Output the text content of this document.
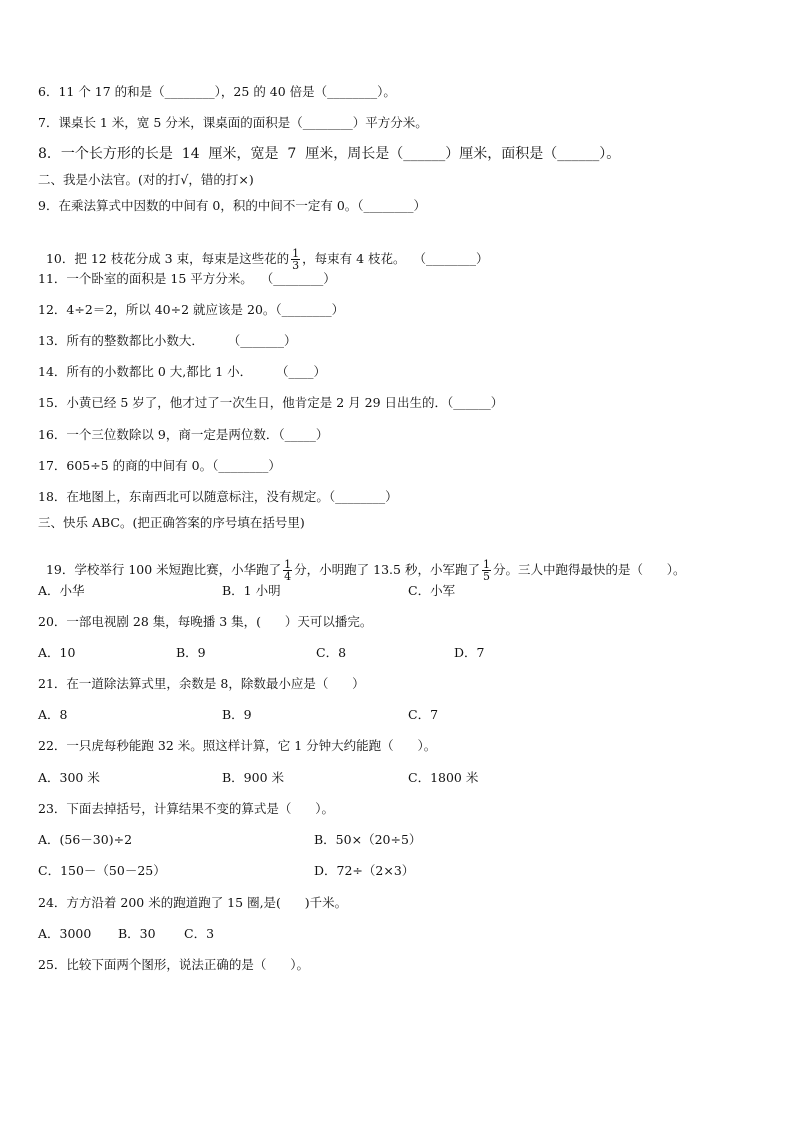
6．11 个 17 的和是（________），25 的 40 倍是（________）。
7．课桌长 1 米，宽 5 分米，课桌面的面积是（________）平方分米。
8．一个长方形的长是  14  厘米，宽是  7  厘米，周长是（______）厘米，面积是（______）。
二、我是小法官。(对的打√，错的打×)
9．在乘法算式中因数的中间有 0，积的中间不一定有 0。（________）

10．把 12 枝花分成 3 束，每束是这些花的 $\frac{1}{3}$ ，每束有 4 枝花。  （________）

11．一个卧室的面积是 15 平方分米。  （________）
12．4÷2＝2，所以 40÷2 就应该是 20。（________）
13．所有的整数都比小数大．      （_______）
14．所有的小数都比 0 大,都比 1 小．      （____）
15．小黄已经 5 岁了，他才过了一次生日，他肯定是 2 月 29 日出生的．（______）
16．一个三位数除以 9，商一定是两位数．（_____）
17．605÷5 的商的中间有 0。（________）
18．在地图上，东南西北可以随意标注，没有规定。（________）
三、快乐 ABC。(把正确答案的序号填在括号里)

19．学校举行 100 米短跑比赛，小华跑了 $\frac{1}{4}$ 分，小明跑了 13.5 秒，小军跑了 $\frac{1}{5}$ 分。三人中跑得最快的是（      ）。

A．小华	B．1 小明	C．小军
20．一部电视剧 28 集，每晚播 3 集，(      ）天可以播完。
A．10	B．9	C．8	D．7
21．在一道除法算式里，余数是 8，除数最小应是（      ）
A．8	B．9	C．7
22．一只虎每秒能跑 32 米。照这样计算，它 1 分钟大约能跑（      ）。
A．300 米	B．900 米	C．1800 米
23．下面去掉括号，计算结果不变的算式是（      ）。
A．(56－30)÷2	B．50×（20÷5）
C．150－（50－25）	D．72÷（2×3）
24．方方沿着 200 米的跑道跑了 15 圈,是(      )千米。
A．3000 B．30 C．3
25．比较下面两个图形，说法正确的是（      ）。
